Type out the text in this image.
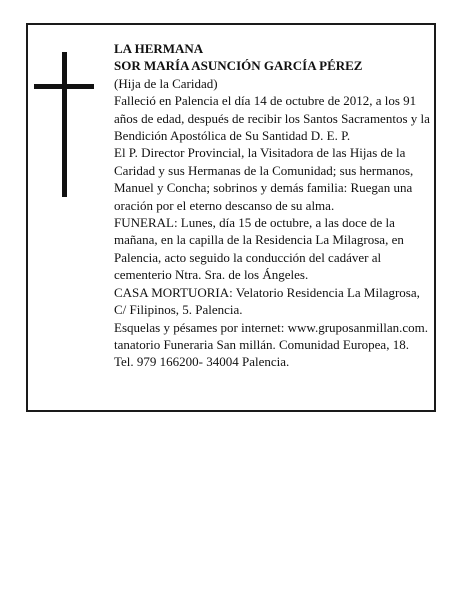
LA HERMANA

SOR MARÍA ASUNCIÓN GARCÍA PÉREZ

(Hija de la Caridad)

Falleció en Palencia el día 14 de octubre de 2012, a los 91 años de edad, después de recibir los Santos Sacramentos y la Bendición Apostólica de Su Santidad D. E. P.

El P. Director Provincial, la Visitadora de las Hijas de la Caridad y sus Hermanas de la Comunidad; sus hermanos, Manuel y Concha; sobrinos y demás familia: Ruegan una oración por el eterno descanso de su alma.

FUNERAL: Lunes, día 15 de octubre, a las doce de la mañana, en la capilla de la Residencia La Milagrosa, en Palencia, acto seguido la conducción del cadáver al cementerio Ntra. Sra. de los Ángeles.

CASA MORTUORIA: Velatorio Residencia La Milagrosa, C/ Filipinos, 5. Palencia.

Esquelas y pésames por internet: www.gruposanmillan.com.

tanatorio Funeraria San millán. Comunidad Europea, 18. Tel. 979 166200- 34004 Palencia.
